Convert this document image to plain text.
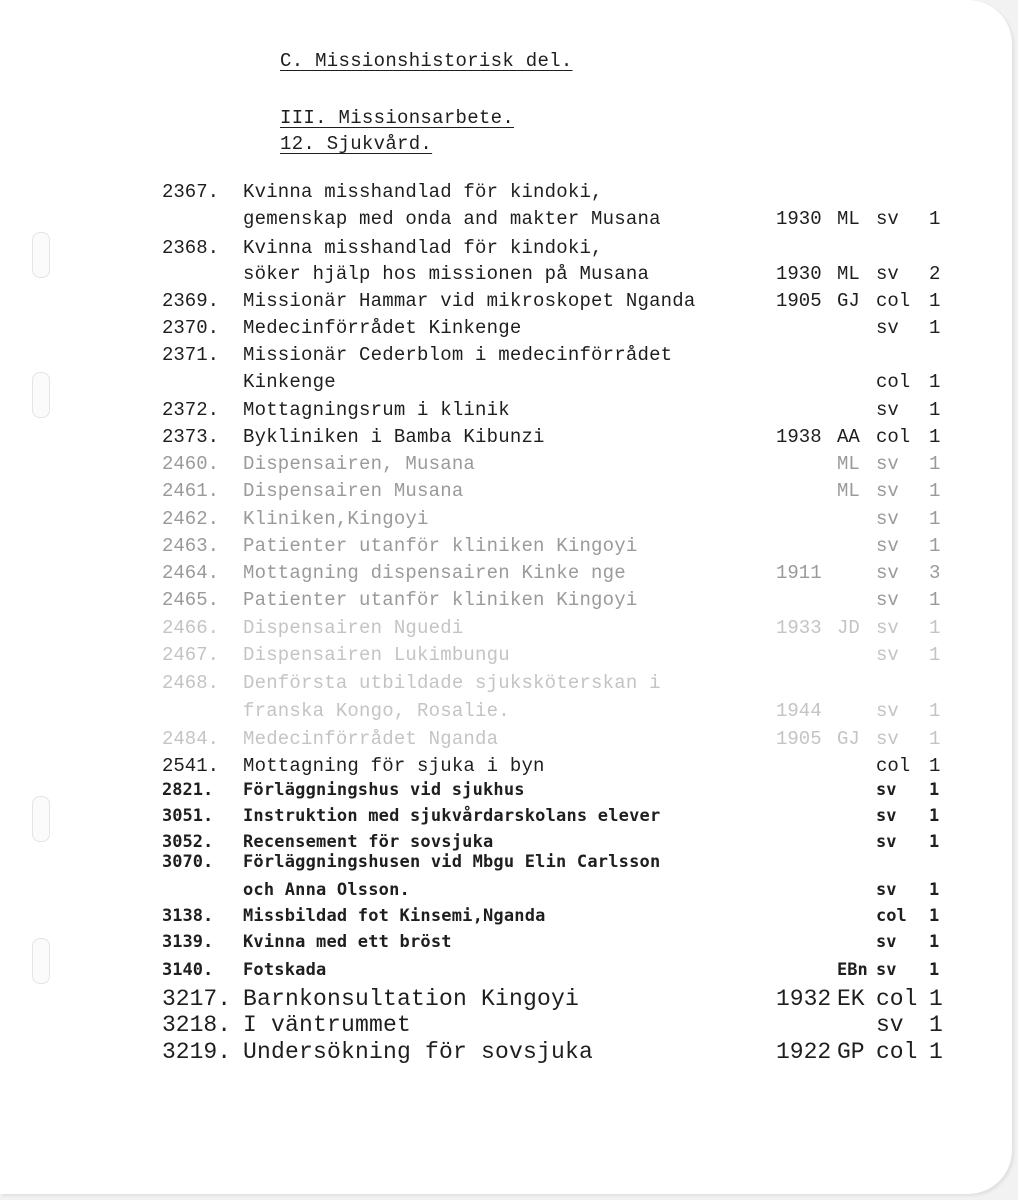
C. Missionshistorisk del.
III. Missionsarbete.
12. Sjukvård.
2367. Kvinna misshandlad för kindoki,
gemenskap med onda and makter Musana	1930 ML sv 1
2368. Kvinna misshandlad för kindoki,
söker hjälp hos missionen på Musana	1930 ML sv 2
2369. Missionär Hammar vid mikroskopet Nganda	1905 GJ col 1
2370. Medecinförrådet Kinkenge	sv 1
2371. Missionär Cederblom i medecinförrådet
Kinkenge	col 1
2372. Mottagningsrum i klinik	sv 1
2373. Bykliniken i Bamba Kibunzi	1938 AA col 1
2460. Dispensairen, Musana	ML sv 1
2461. Dispensairen Musana	ML sv 1
2462. Kliniken,Kingoyi	sv 1
2463. Patienter utanför kliniken Kingoyi	sv 1
2464. Mottagning dispensairen Kinke nge	1911	sv 3
2465. Patienter utanför kliniken Kingoyi	sv 1
2466. Dispensairen Nguedi	1933 JD sv 1
2467. Dispensairen Lukimbungu	sv 1
2468. Denförsta utbildade sjuksköterskan i
franska Kongo, Rosalie.	1944	sv 1
2484. Medecinförrådet Nganda	1905 GJ sv 1
2541. Mottagning för sjuka i byn	col 1
2821. Förläggningshus vid sjukhus	sv 1
3051. Instruktion med sjukvårdarskolans elever	sv 1
3052. Recensement för sovsjuka	sv 1
3070. Förläggningshusen vid Mbgu Elin Carlsson
och Anna Olsson.	sv 1
3138. Missbildad fot Kinsemi,Nganda	col 1
3139. Kvinna med ett bröst	sv 1
3140. Fotskada	EBn sv 1
3217. Barnkonsultation Kingoyi	1932 EK col 1
3218. I väntrummet	sv 1
3219. Undersökning för sovsjuka	1922 GP col 1
